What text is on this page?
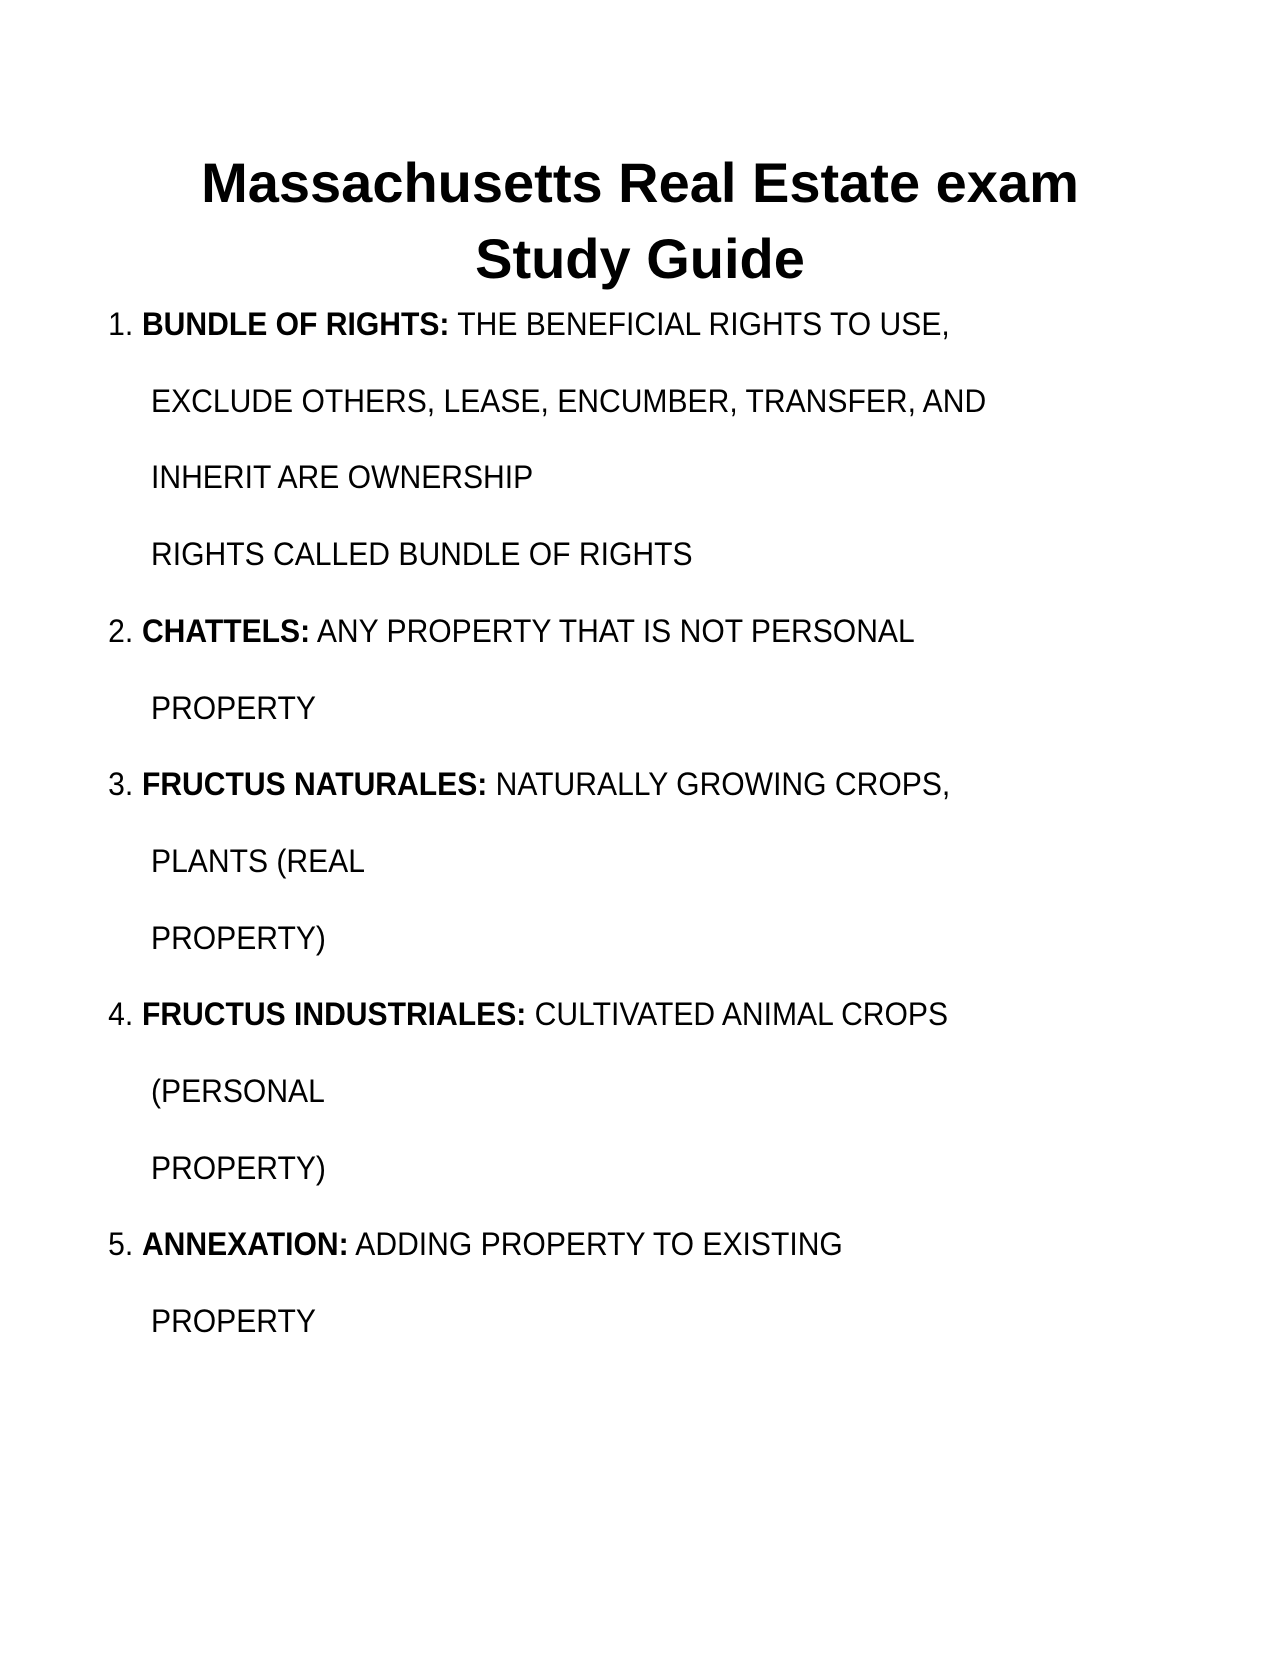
Massachusetts Real Estate exam
Study Guide
1. BUNDLE OF RIGHTS: THE BENEFICIAL RIGHTS TO USE,
EXCLUDE OTHERS, LEASE, ENCUMBER, TRANSFER, AND
INHERIT ARE OWNERSHIP
RIGHTS CALLED BUNDLE OF RIGHTS
2. CHATTELS: ANY PROPERTY THAT IS NOT PERSONAL
PROPERTY
3. FRUCTUS NATURALES: NATURALLY GROWING CROPS,
PLANTS (REAL
PROPERTY)
4. FRUCTUS INDUSTRIALES: CULTIVATED ANIMAL CROPS
(PERSONAL
PROPERTY)
5. ANNEXATION: ADDING PROPERTY TO EXISTING
PROPERTY
